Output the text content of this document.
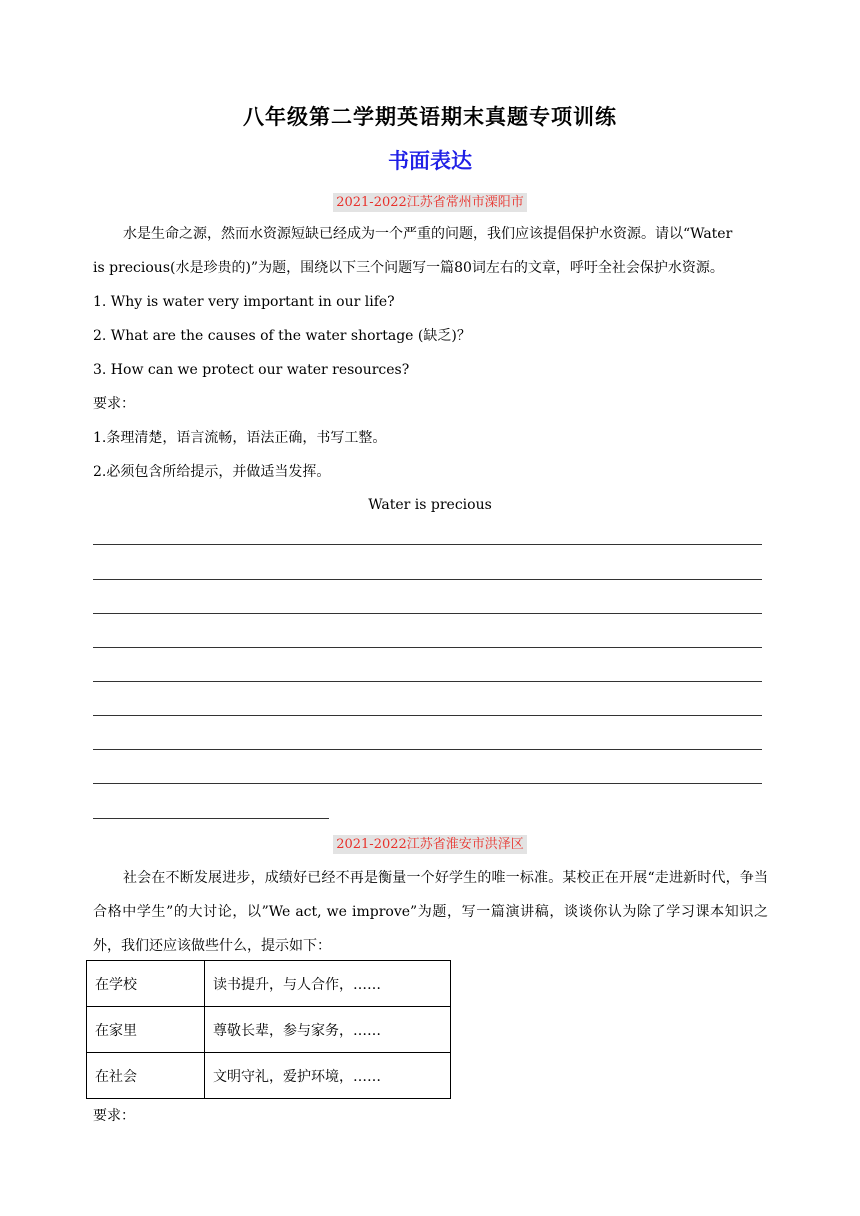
八年级第二学期英语期末真题专项训练
书面表达
2021-2022江苏省常州市溧阳市
水是生命之源，然而水资源短缺已经成为一个严重的问题，我们应该提倡保护水资源。请以“Water
is precious(水是珍贵的)”为题，围绕以下三个问题写一篇80词左右的文章，呼吁全社会保护水资源。
1. Why is water very important in our life?
2. What are the causes of the water shortage (缺乏)？
3. How can we protect our water resources?
要求：
1.条理清楚，语言流畅，语法正确，书写工整。
2.必须包含所给提示，并做适当发挥。
Water is precious
2021-2022江苏省淮安市洪泽区
社会在不断发展进步，成绩好已经不再是衡量一个好学生的唯一标准。某校正在开展“走进新时代，争当合格中学生”的大讨论，以”We act, we improve”为题，写一篇演讲稿，谈谈你认为除了学习课本知识之外，我们还应该做些什么，提示如下：
在学校	读书提升，与人合作，……
在家里	尊敬长辈，参与家务，……
在社会	文明守礼，爱护环境，……
要求：
